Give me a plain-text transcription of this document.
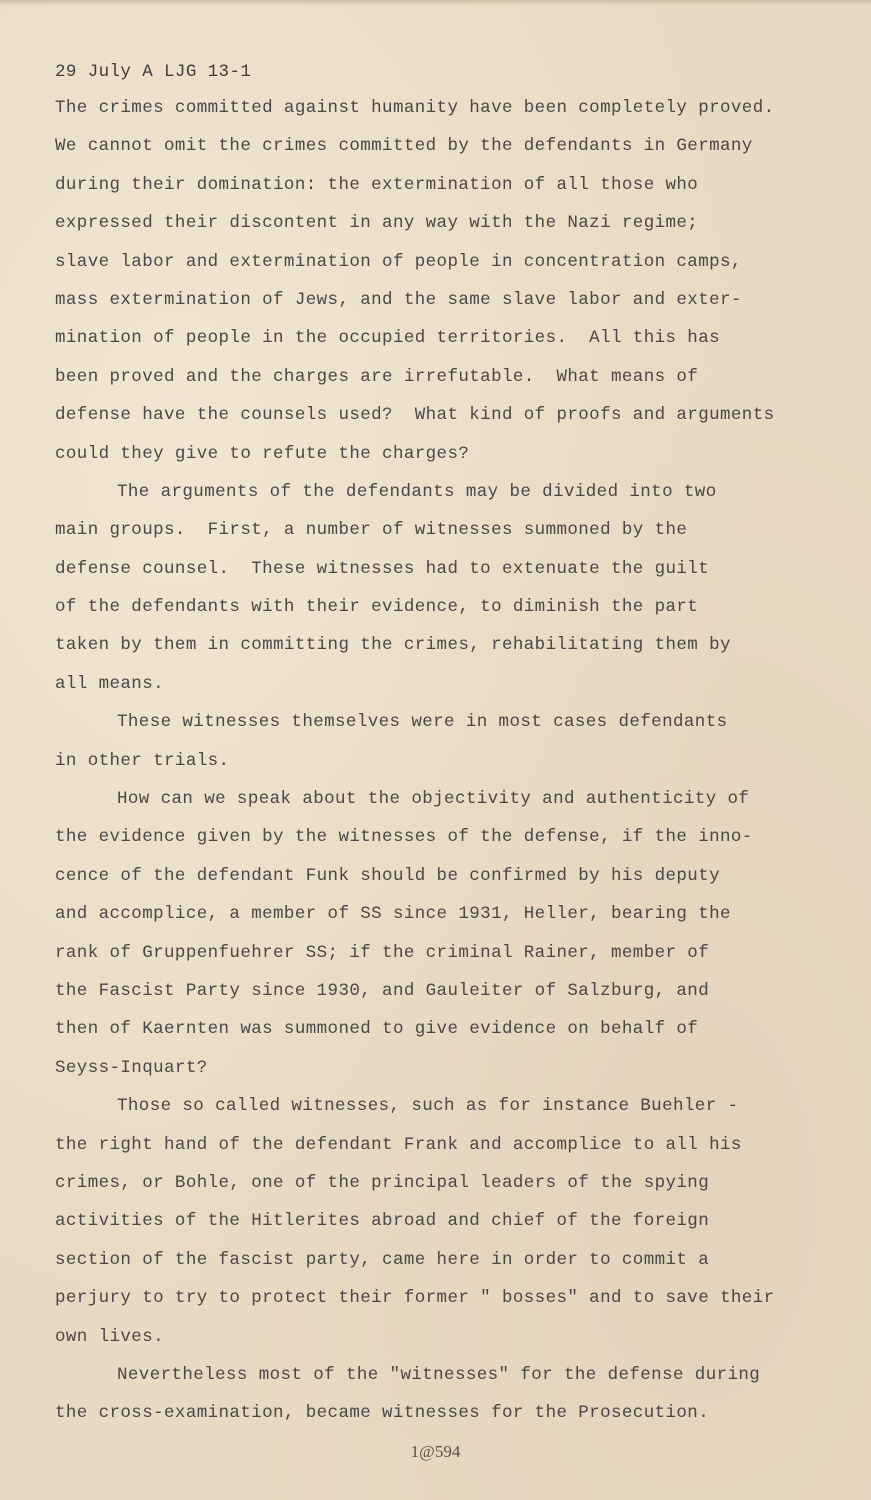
29 July A LJG 13-1
The crimes committed against humanity have been completely proved.
We cannot omit the crimes committed by the defendants in Germany
during their domination: the extermination of all those who
expressed their discontent in any way with the Nazi regime;
slave labor and extermination of people in concentration camps,
mass extermination of Jews, and the same slave labor and exter-
mination of people in the occupied territories.  All this has
been proved and the charges are irrefutable.  What means of
defense have the counsels used?  What kind of proofs and arguments
could they give to refute the charges?
The arguments of the defendants may be divided into two
main groups.  First, a number of witnesses summoned by the
defense counsel.  These witnesses had to extenuate the guilt
of the defendants with their evidence, to diminish the part
taken by them in committing the crimes, rehabilitating them by
all means.
These witnesses themselves were in most cases defendants
in other trials.
How can we speak about the objectivity and authenticity of
the evidence given by the witnesses of the defense, if the inno-
cence of the defendant Funk should be confirmed by his deputy
and accomplice, a member of SS since 1931, Heller, bearing the
rank of Gruppenfuehrer SS; if the criminal Rainer, member of
the Fascist Party since 1930, and Gauleiter of Salzburg, and
then of Kaernten was summoned to give evidence on behalf of
Seyss-Inquart?
Those so called witnesses, such as for instance Buehler -
the right hand of the defendant Frank and accomplice to all his
crimes, or Bohle, one of the principal leaders of the spying
activities of the Hitlerites abroad and chief of the foreign
section of the fascist party, came here in order to commit a
perjury to try to protect their former " bosses" and to save their
own lives.
Nevertheless most of the "witnesses" for the defense during
the cross-examination, became witnesses for the Prosecution.
1@594
